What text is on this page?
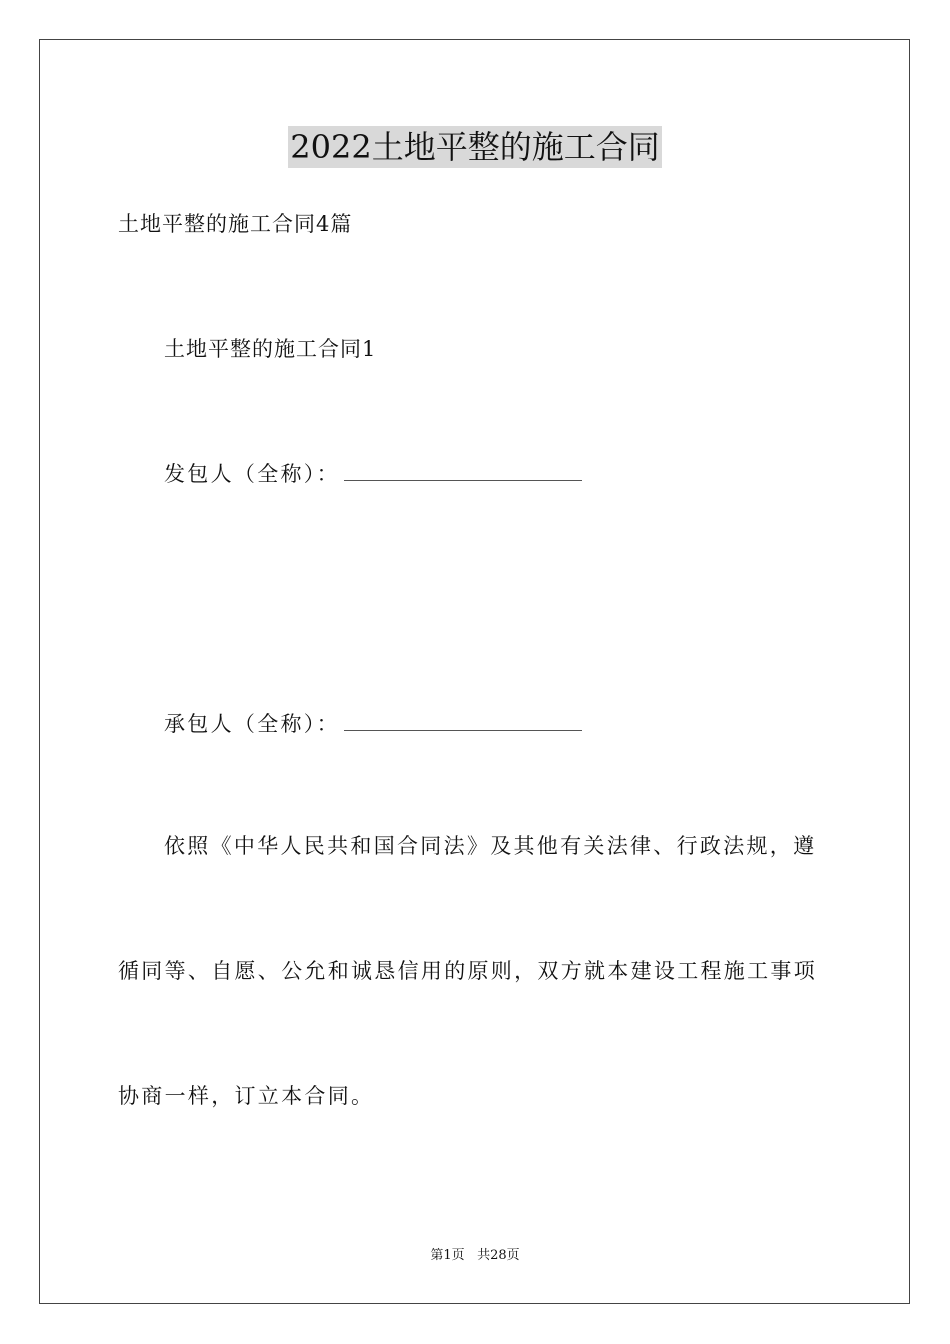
2022土地平整的施工合同
土地平整的施工合同4篇
土地平整的施工合同1
发包人（全称）：
承包人（全称）：
依照《中华人民共和国合同法》及其他有关法律、行政法规，遵
循同等、自愿、公允和诚恳信用的原则，双方就本建设工程施工事项
协商一样，订立本合同。
第1页 共28页
